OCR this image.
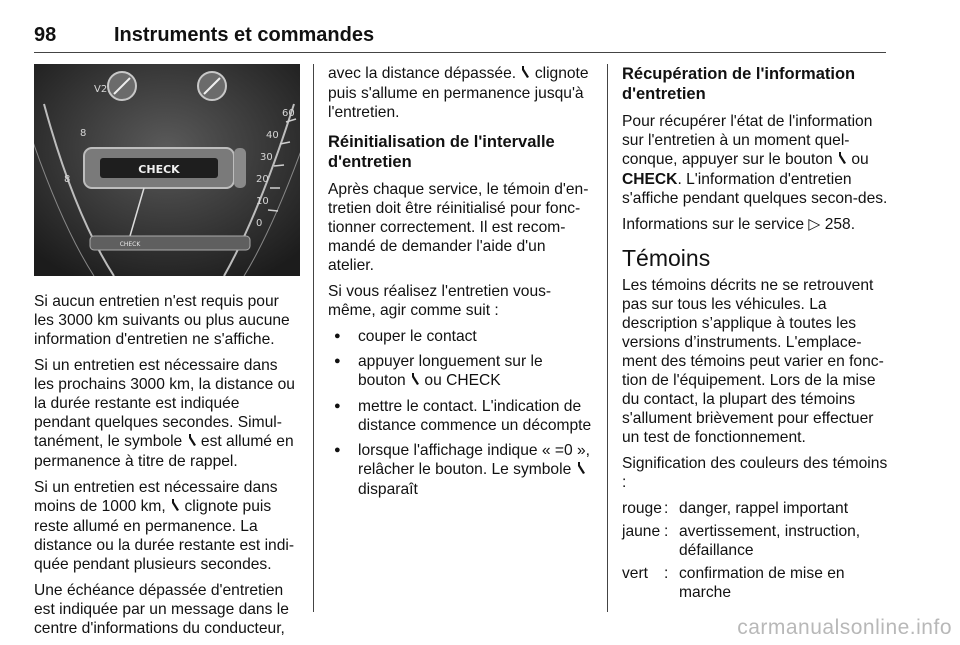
98	Instruments et commandes
60
40
30
20
10
0
V2
8
8
CHECK
CHECK

Si aucun entretien n'est requis pour les 3000 km suivants ou plus aucune information d'entretien ne s'affiche.

Si un entretien est nécessaire dans les prochains 3000 km, la distance ou la durée restante est indiquée pendant quelques secondes. Simul-tanément, le symbole est allumé en permanence à titre de rappel.

Si un entretien est nécessaire dans moins de 1000 km, clignote puis reste allumé en permanence. La distance ou la durée restante est indi-quée pendant plusieurs secondes.

Une échéance dépassée d'entretien est indiquée par un message dans le centre d'informations du conducteur,

avec la distance dépassée. clignote puis s'allume en permanence jusqu'à l'entretien.

Réinitialisation de l'intervalle d'entretien

Après chaque service, le témoin d'en-tretien doit être réinitialisé pour fonc-tionner correctement. Il est recom-mandé de demander l'aide d'un atelier.

Si vous réalisez l'entretien vous-même, agir comme suit :

● couper le contact
● appuyer longuement sur le bouton ou CHECK
● mettre le contact. L'indication de distance commence un décompte
● lorsque l'affichage indique « =0 », relâcher le bouton. Le symbole  disparaît
Récupération de l'information d'entretien

Pour récupérer l'état de l'information sur l'entretien à un moment quel-conque, appuyer sur le bouton ou CHECK. L'information d'entretien s'affiche pendant quelques secon-des.

Informations sur le service ▷ 258.

Témoins

Les témoins décrits ne se retrouvent pas sur tous les véhicules. La description s’applique à toutes les versions d’instruments. L'emplace-ment des témoins peut varier en fonc-tion de l'équipement. Lors de la mise du contact, la plupart des témoins s'allument brièvement pour effectuer un test de fonctionnement.

Signification des couleurs des témoins :

rouge	:	danger, rappel important
jaune	:	avertissement, instruction, défaillance
vert	:	confirmation de mise en marche
carmanualsonline.info
